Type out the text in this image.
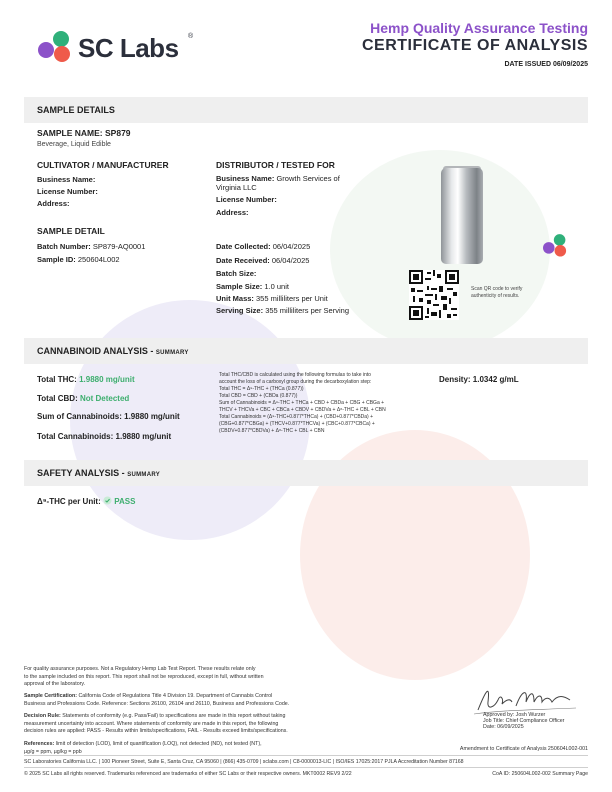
SC Labs ®
Hemp Quality Assurance Testing
CERTIFICATE OF ANALYSIS
DATE ISSUED 06/09/2025
SAMPLE DETAILS
SAMPLE NAME: SP879
Beverage, Liquid Edible
CULTIVATOR / MANUFACTURER
Business Name:
License Number:
Address:
DISTRIBUTOR / TESTED FOR
Business Name: Growth Services of
Virginia LLC
License Number:
Address:
SAMPLE DETAIL
Batch Number: SP879-AQ0001
Sample ID: 250604L002
Date Collected: 06/04/2025
Date Received: 06/04/2025
Batch Size:
Sample Size: 1.0 unit
Unit Mass: 355 milliliters per Unit
Serving Size: 355 milliliters per Serving
Scan QR code to verify
authenticity of results.
CANNABINOID ANALYSIS - SUMMARY
Total THC: 1.9880 mg/unit
Total CBD: Not Detected
Sum of Cannabinoids: 1.9880 mg/unit
Total Cannabinoids: 1.9880 mg/unit
Total THC/CBD is calculated using the following formulas to take into
account the loss of a carboxyl group during the decarboxylation step:
Total THC = Δ⁹-THC + (THCa (0.877))
Total CBD = CBD + (CBDa (0.877))
Sum of Cannabinoids = Δ⁹-THC + THCa + CBD + CBDa + CBG + CBGa +
THCV + THCVa + CBC + CBCa + CBDV + CBDVa + Δ⁸-THC + CBL + CBN
Total Cannabinoids = (Δ⁹-THC+0.877*THCa) + (CBD+0.877*CBDa) +
(CBG+0.877*CBGa) + (THCV+0.877*THCVa) + (CBC+0.877*CBCa) +
(CBDV+0.877*CBDVa) + Δ⁸-THC + CBL + CBN
Density: 1.0342 g/mL
SAFETY ANALYSIS - SUMMARY
Δ⁹-THC per Unit: PASS
For quality assurance purposes. Not a Regulatory Hemp Lab Test Report. These results relate only
to the sample included on this report. This report shall not be reproduced, except in full, without written
approval of the laboratory.
Sample Certification: California Code of Regulations Title 4 Division 19. Department of Cannabis Control
Business and Professions Code. Reference: Sections 26100, 26104 and 26110, Business and Professions Code.
Decision Rule: Statements of conformity (e.g. Pass/Fail) to specifications are made in this report without taking
measurement uncertainty into account. Where statements of conformity are made in this report, the following
decision rules are applied: PASS - Results within limits/specifications, FAIL - Results exceed limits/specifications.
References: limit of detection (LOD), limit of quantification (LOQ), not detected (ND), not tested (NT),
µg/g = ppm, µg/kg = ppb
Approved by: Josh Wurzer
Job Title: Chief Compliance Officer
Date: 06/09/2025
Amendment to Certificate of Analysis 250604L002-001
SC Laboratories California LLC. | 100 Pioneer Street, Suite E, Santa Cruz, CA 95060 | (866) 435-0709 | sclabs.com | C8-0000013-LIC | ISO/IES 17025:2017 PJLA Accreditation Number 87168
© 2025 SC Labs all rights reserved. Trademarks referenced are trademarks of either SC Labs or their respective owners. MKT0002 REV9 2/22	CoA ID: 250604L002-002 Summary Page
